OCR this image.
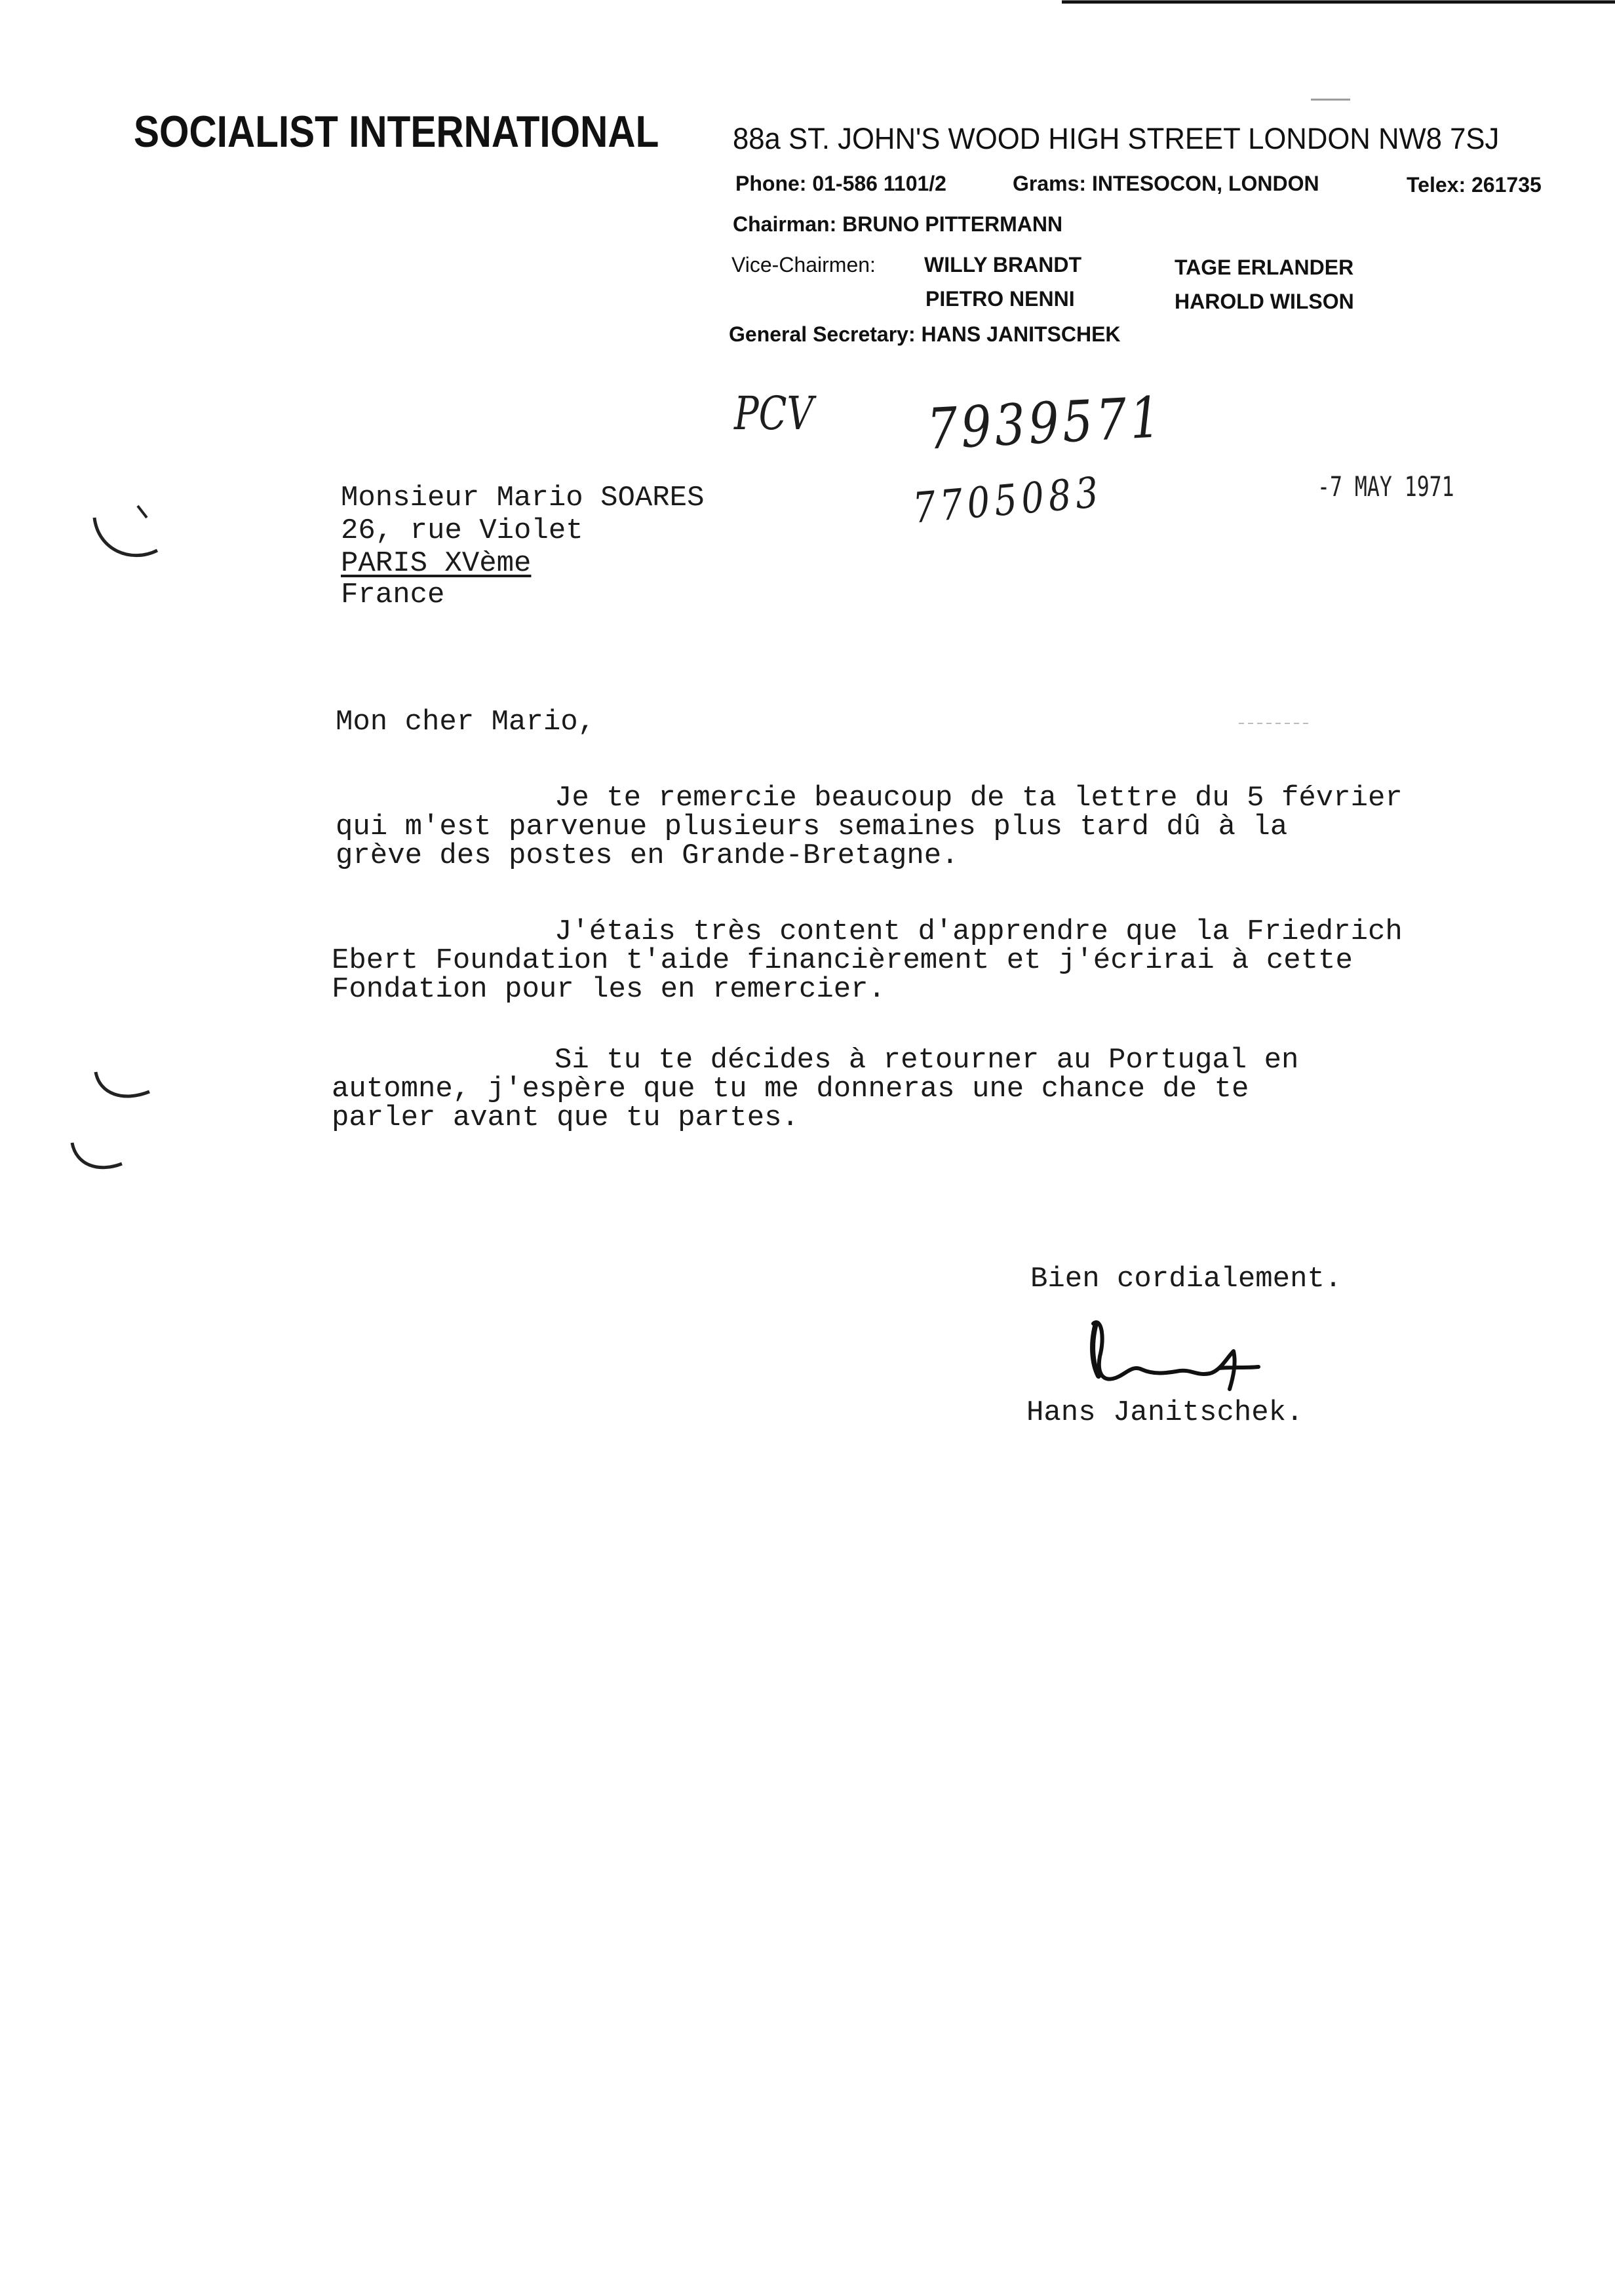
SOCIALIST INTERNATIONAL	88a ST. JOHN'S WOOD HIGH STREET LONDON NW8 7SJ
Phone: 01-586 1101/2	Grams: INTESOCON, LONDON	Telex: 261735
Chairman: BRUNO PITTERMANN
Vice-Chairmen: WILLY BRANDT	TAGE ERLANDER
PIETRO NENNI	HAROLD WILSON
General Secretary: HANS JANITSCHEK
PCV 7939571
7705083	-7 MAY 1971
Monsieur Mario SOARES
26, rue Violet
PARIS XVème
France
Mon cher Mario,
Je te remercie beaucoup de ta lettre du 5 février
qui m'est parvenue plusieurs semaines plus tard dû à la
grève des postes en Grande-Bretagne.
J'étais très content d'apprendre que la Friedrich
Ebert Foundation t'aide financièrement et j'écrirai à cette
Fondation pour les en remercier.
Si tu te décides à retourner au Portugal en
automne, j'espère que tu me donneras une chance de te
parler avant que tu partes.
Bien cordialement.
Hans Janitschek.
